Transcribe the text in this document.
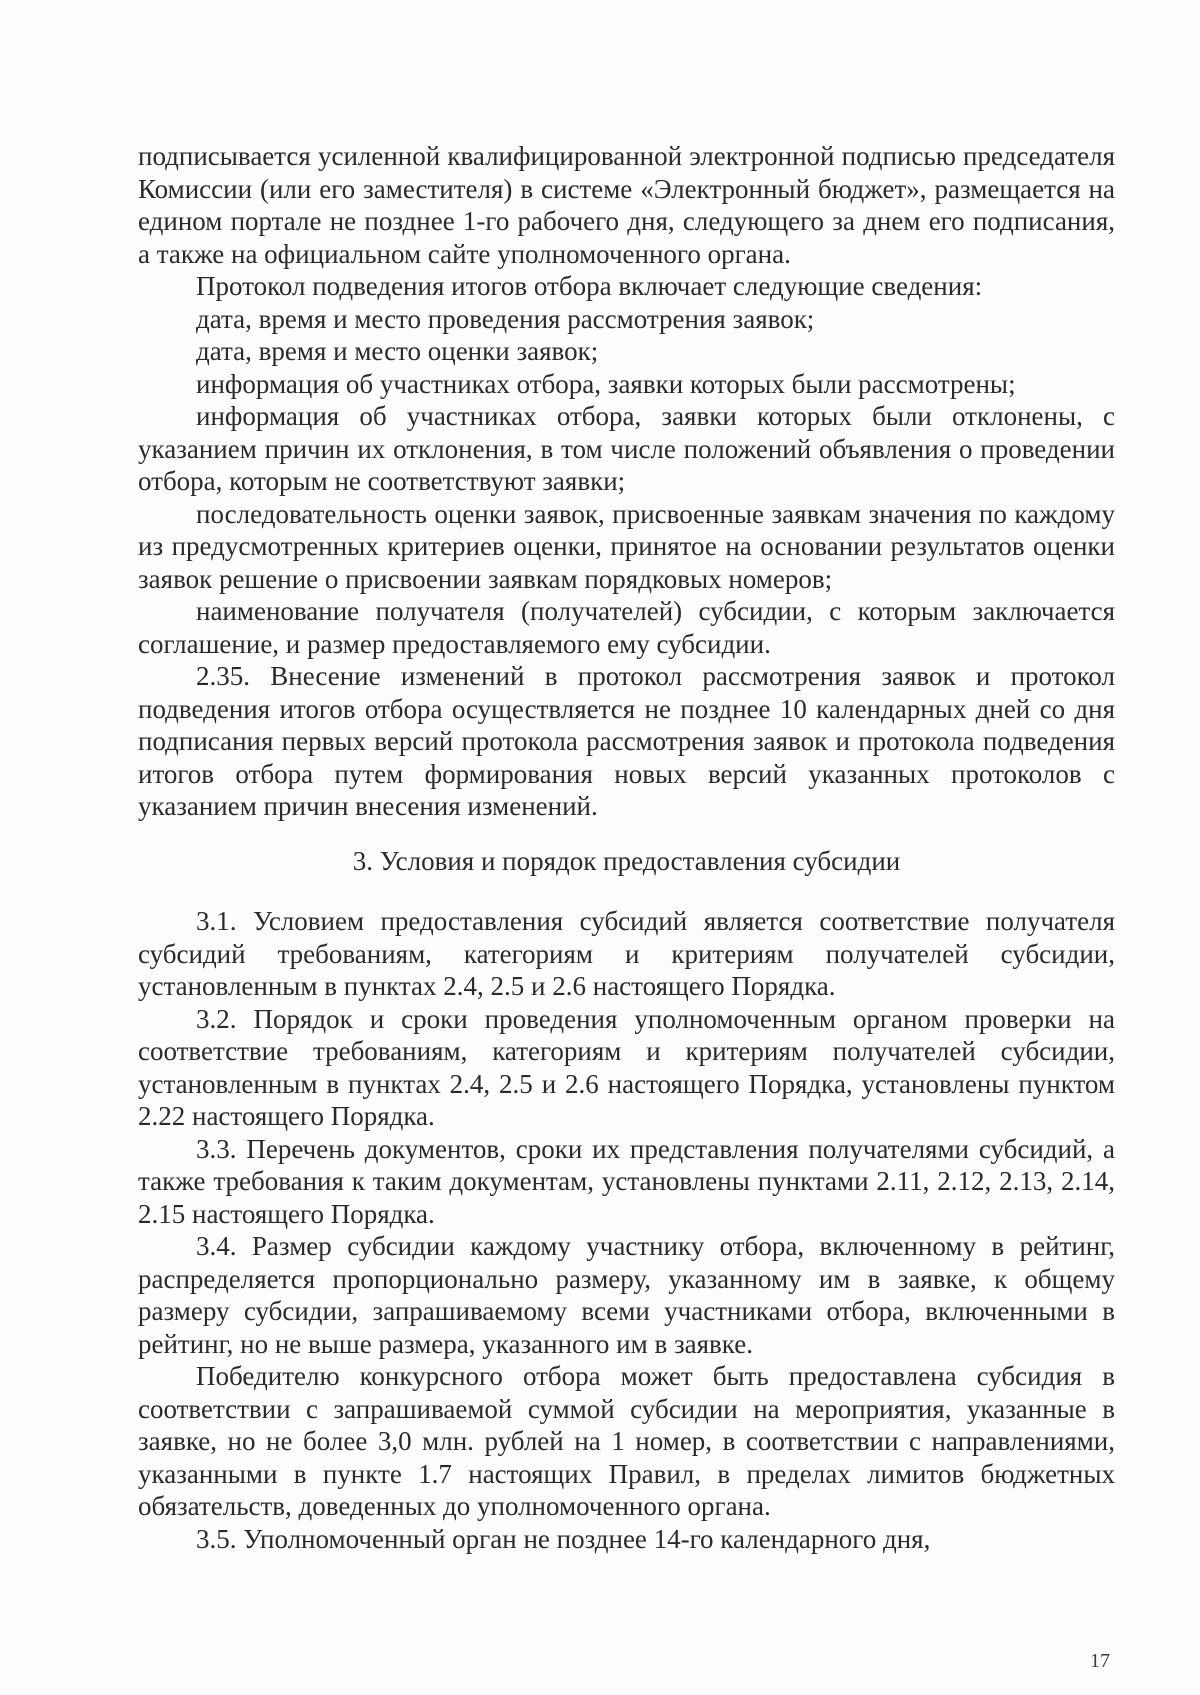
подписывается усиленной квалифицированной электронной подписью председателя Комиссии (или его заместителя) в системе «Электронный бюджет», размещается на едином портале не позднее 1-го рабочего дня, следующего за днем его подписания, а также на официальном сайте уполномоченного органа.

Протокол подведения итогов отбора включает следующие сведения:

дата, время и место проведения рассмотрения заявок;

дата, время и место оценки заявок;

информация об участниках отбора, заявки которых были рассмотрены;

информация об участниках отбора, заявки которых были отклонены, с указанием причин их отклонения, в том числе положений объявления о проведении отбора, которым не соответствуют заявки;

последовательность оценки заявок, присвоенные заявкам значения по каждому из предусмотренных критериев оценки, принятое на основании результатов оценки заявок решение о присвоении заявкам порядковых номеров;

наименование получателя (получателей) субсидии, с которым заключается соглашение, и размер предоставляемого ему субсидии.

2.35. Внесение изменений в протокол рассмотрения заявок и протокол подведения итогов отбора осуществляется не позднее 10 календарных дней со дня подписания первых версий протокола рассмотрения заявок и протокола подведения итогов отбора путем формирования новых версий указанных протоколов с указанием причин внесения изменений.

3. Условия и порядок предоставления субсидии

3.1. Условием предоставления субсидий является соответствие получателя субсидий требованиям, категориям и критериям получателей субсидии, установленным в пунктах 2.4, 2.5 и 2.6 настоящего Порядка.

3.2. Порядок и сроки проведения уполномоченным органом проверки на соответствие требованиям, категориям и критериям получателей субсидии, установленным в пунктах 2.4, 2.5 и 2.6 настоящего Порядка, установлены пунктом 2.22 настоящего Порядка.

3.3. Перечень документов, сроки их представления получателями субсидий, а также требования к таким документам, установлены пунктами 2.11, 2.12, 2.13, 2.14, 2.15 настоящего Порядка.

3.4. Размер субсидии каждому участнику отбора, включенному в рейтинг, распределяется пропорционально размеру, указанному им в заявке, к общему размеру субсидии, запрашиваемому всеми участниками отбора, включенными в рейтинг, но не выше размера, указанного им в заявке.

Победителю конкурсного отбора может быть предоставлена субсидия в соответствии с запрашиваемой суммой субсидии на мероприятия, указанные в заявке, но не более 3,0 млн. рублей на 1 номер, в соответствии с направлениями, указанными в пункте 1.7 настоящих Правил, в пределах лимитов бюджетных обязательств, доведенных до уполномоченного органа.

3.5. Уполномоченный орган не позднее 14-го календарного дня,

17
